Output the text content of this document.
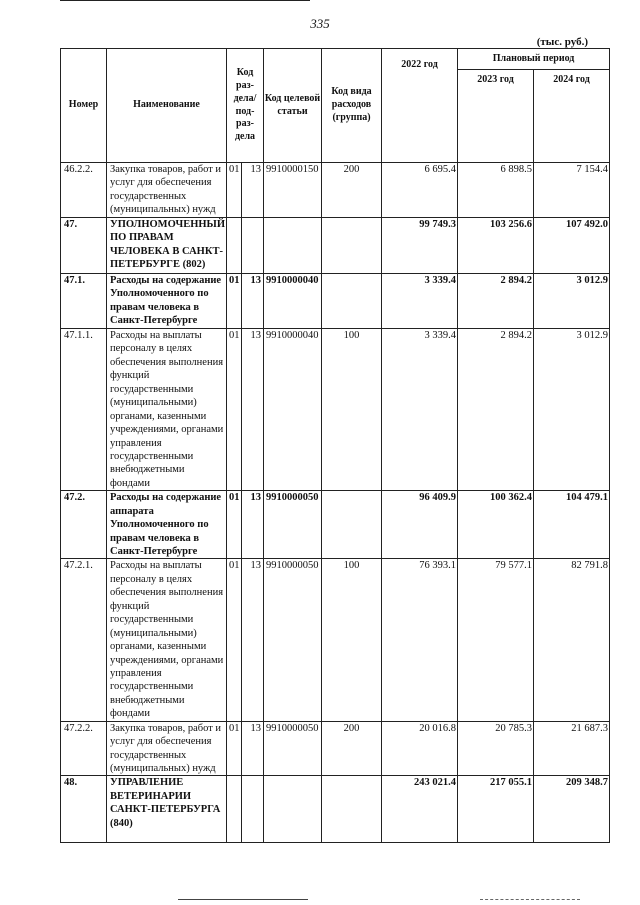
335
(тыс. руб.)
Номер	Наименование	Код раз-дела/ под-раз-дела		Код целевой статьи	Код вида расходов (группа)	2022 год	Плановый период	
							2023 год	2024 год
46.2.2.	Закупка товаров, работ и услуг для обеспечения государственных (муниципальных) нужд	01	13	9910000150	200	6 695.4	6 898.5	7 154.4
47.	УПОЛНОМОЧЕННЫЙ ПО ПРАВАМ ЧЕЛОВЕКА В САНКТ-ПЕТЕРБУРГЕ (802)					99 749.3	103 256.6	107 492.0
47.1.	Расходы на содержание Уполномоченного по правам человека в Санкт-Петербурге	01	13	9910000040		3 339.4	2 894.2	3 012.9
47.1.1.	Расходы на выплаты персоналу в целях обеспечения выполнения функций государственными (муниципальными) органами, казенными учреждениями, органами управления государственными внебюджетными фондами	01	13	9910000040	100	3 339.4	2 894.2	3 012.9
47.2.	Расходы на содержание аппарата Уполномоченного по правам человека в Санкт-Петербурге	01	13	9910000050		96 409.9	100 362.4	104 479.1
47.2.1.	Расходы на выплаты персоналу в целях обеспечения выполнения функций государственными (муниципальными) органами, казенными учреждениями, органами управления государственными внебюджетными фондами	01	13	9910000050	100	76 393.1	79 577.1	82 791.8
47.2.2.	Закупка товаров, работ и услуг для обеспечения государственных (муниципальных) нужд	01	13	9910000050	200	20 016.8	20 785.3	21 687.3
48.	УПРАВЛЕНИЕ ВЕТЕРИНАРИИ САНКТ-ПЕТЕРБУРГА (840)					243 021.4	217 055.1	209 348.7
